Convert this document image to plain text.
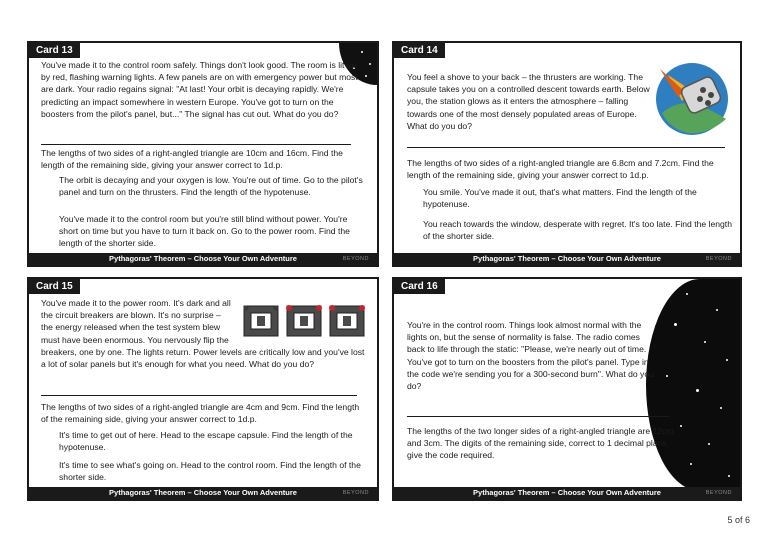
Card 13
You've made it to the control room safely. Things don't look good. The room is lit up by red, flashing warning lights. A few panels are on with emergency power but most are dark. Your radio regains signal: "At last! Your orbit is decaying rapidly. We're predicting an impact somewhere in western Europe. You've got to turn on the boosters from the pilot's panel, but..." The signal has cut out. What do you do?
The lengths of two sides of a right-angled triangle are 10cm and 16cm. Find the length of the remaining side, giving your answer correct to 1d.p.
The orbit is decaying and your oxygen is low. You're out of time. Go to the pilot's panel and turn on the thrusters. Find the length of the hypotenuse.
You've made it to the control room but you're still blind without power. You're short on time but you have to turn it back on. Go to the power room. Find the length of the shorter side.
Pythagoras' Theorem – Choose Your Own Adventure	BEYOND
Card 14
You feel a shove to your back – the thrusters are working. The capsule takes you on a controlled descent towards earth. Below you, the station glows as it enters the atmosphere – falling towards one of the most densely populated areas of Europe. What do you do?
The lengths of two sides of a right-angled triangle are 6.8cm and 7.2cm. Find the length of the remaining side, giving your answer correct to 1d.p.
You smile. You've made it out, that's what matters. Find the length of the hypotenuse.
You reach towards the window, desperate with regret. It's too late. Find the length of the shorter side.
Pythagoras' Theorem – Choose Your Own Adventure	BEYOND
Card 15
You've made it to the power room. It's dark and all the circuit breakers are blown. It's no surprise – the energy released when the test system blew must have been enormous. You nervously flip the breakers, one by one. The lights return. Power levels are critically low and you've lost a lot of solar panels but it's enough for what you need. What do you do?
The lengths of two sides of a right-angled triangle are 4cm and 9cm. Find the length of the remaining side, giving your answer correct to 1d.p.
It's time to get out of here. Head to the escape capsule. Find the length of the hypotenuse.
It's time to see what's going on. Head to the control room. Find the length of the shorter side.
Pythagoras' Theorem – Choose Your Own Adventure	BEYOND
Card 16
You're in the control room. Things look almost normal with the lights on, but the sense of normality is false. The radio comes back to life through the static: "Please, we're nearly out of time. You've got to turn on the boosters from the pilot's panel. Type in the code we're sending you for a 300-second burn". What do you do?
The lengths of the two longer sides of a right-angled triangle are 12cm and 3cm. The digits of the remaining side, correct to 1 decimal place, give the code required.
Pythagoras' Theorem – Choose Your Own Adventure	BEYOND
5 of 6
